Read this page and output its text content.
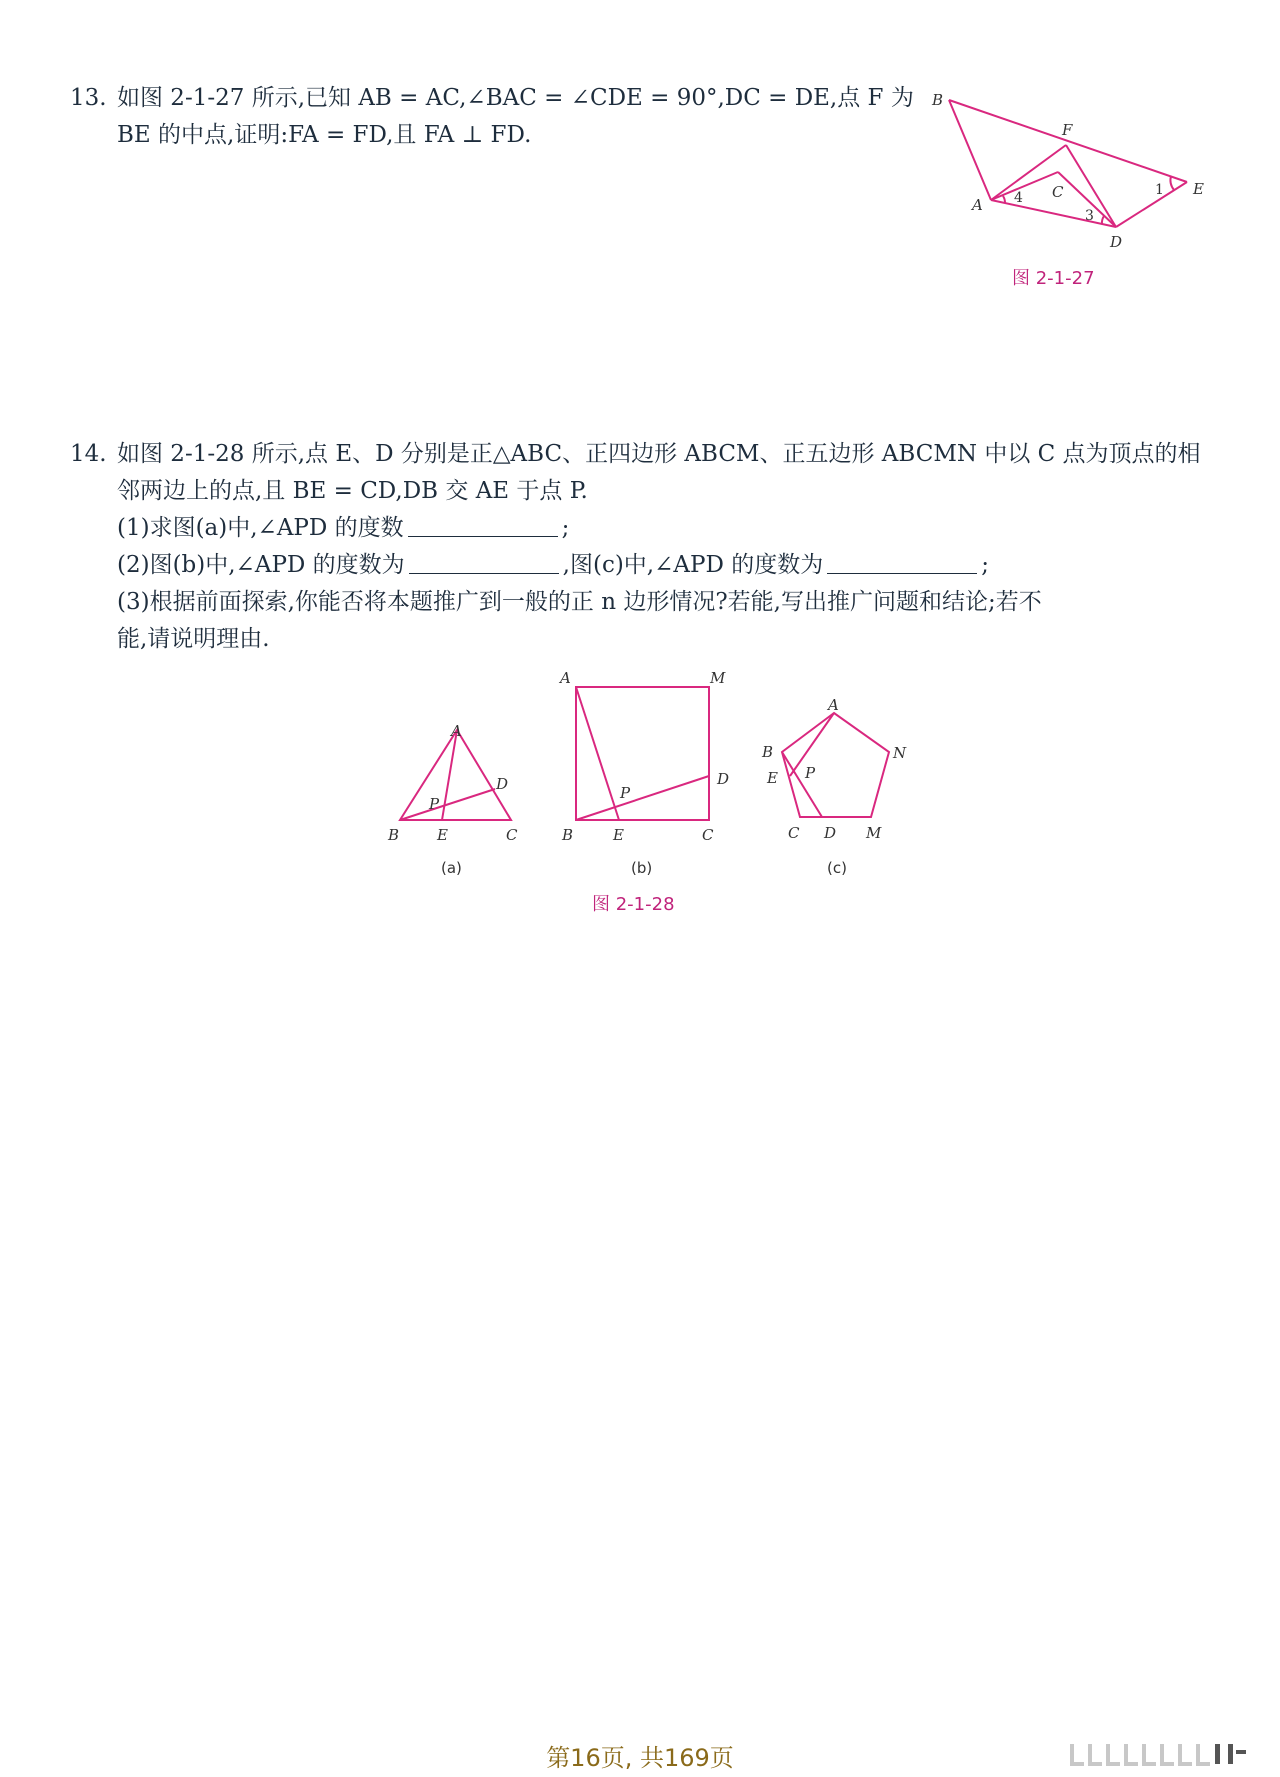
13. 如图 2-1-27 所示,已知 AB = AC,∠BAC = ∠CDE = 90°,DC = DE,点 F 为
BE 的中点,证明:FA = FD,且 FA ⊥ FD.
B
F
A
C	E
D
1
3
4
图 2-1-27
14. 如图 2-1-28 所示,点 E、D 分别是正△ABC、正四边形 ABCM、正五边形 ABCMN 中以 C 点为顶点的相
邻两边上的点,且 BE = CD,DB 交 AE 于点 P.
(1)求图(a)中,∠APD 的度数	;
(2)图(b)中,∠APD 的度数为	,图(c)中,∠APD 的度数为	;
(3)根据前面探索,你能否将本题推广到一般的正 n 边形情况?若能,写出推广问题和结论;若不
能,请说明理由.
A
B	C
D
E
P
(a)
A	M
B	C
D
E
P
(b)
A
B	N
E P
C D M
(c)
图 2-1-28
第16页, 共169页
